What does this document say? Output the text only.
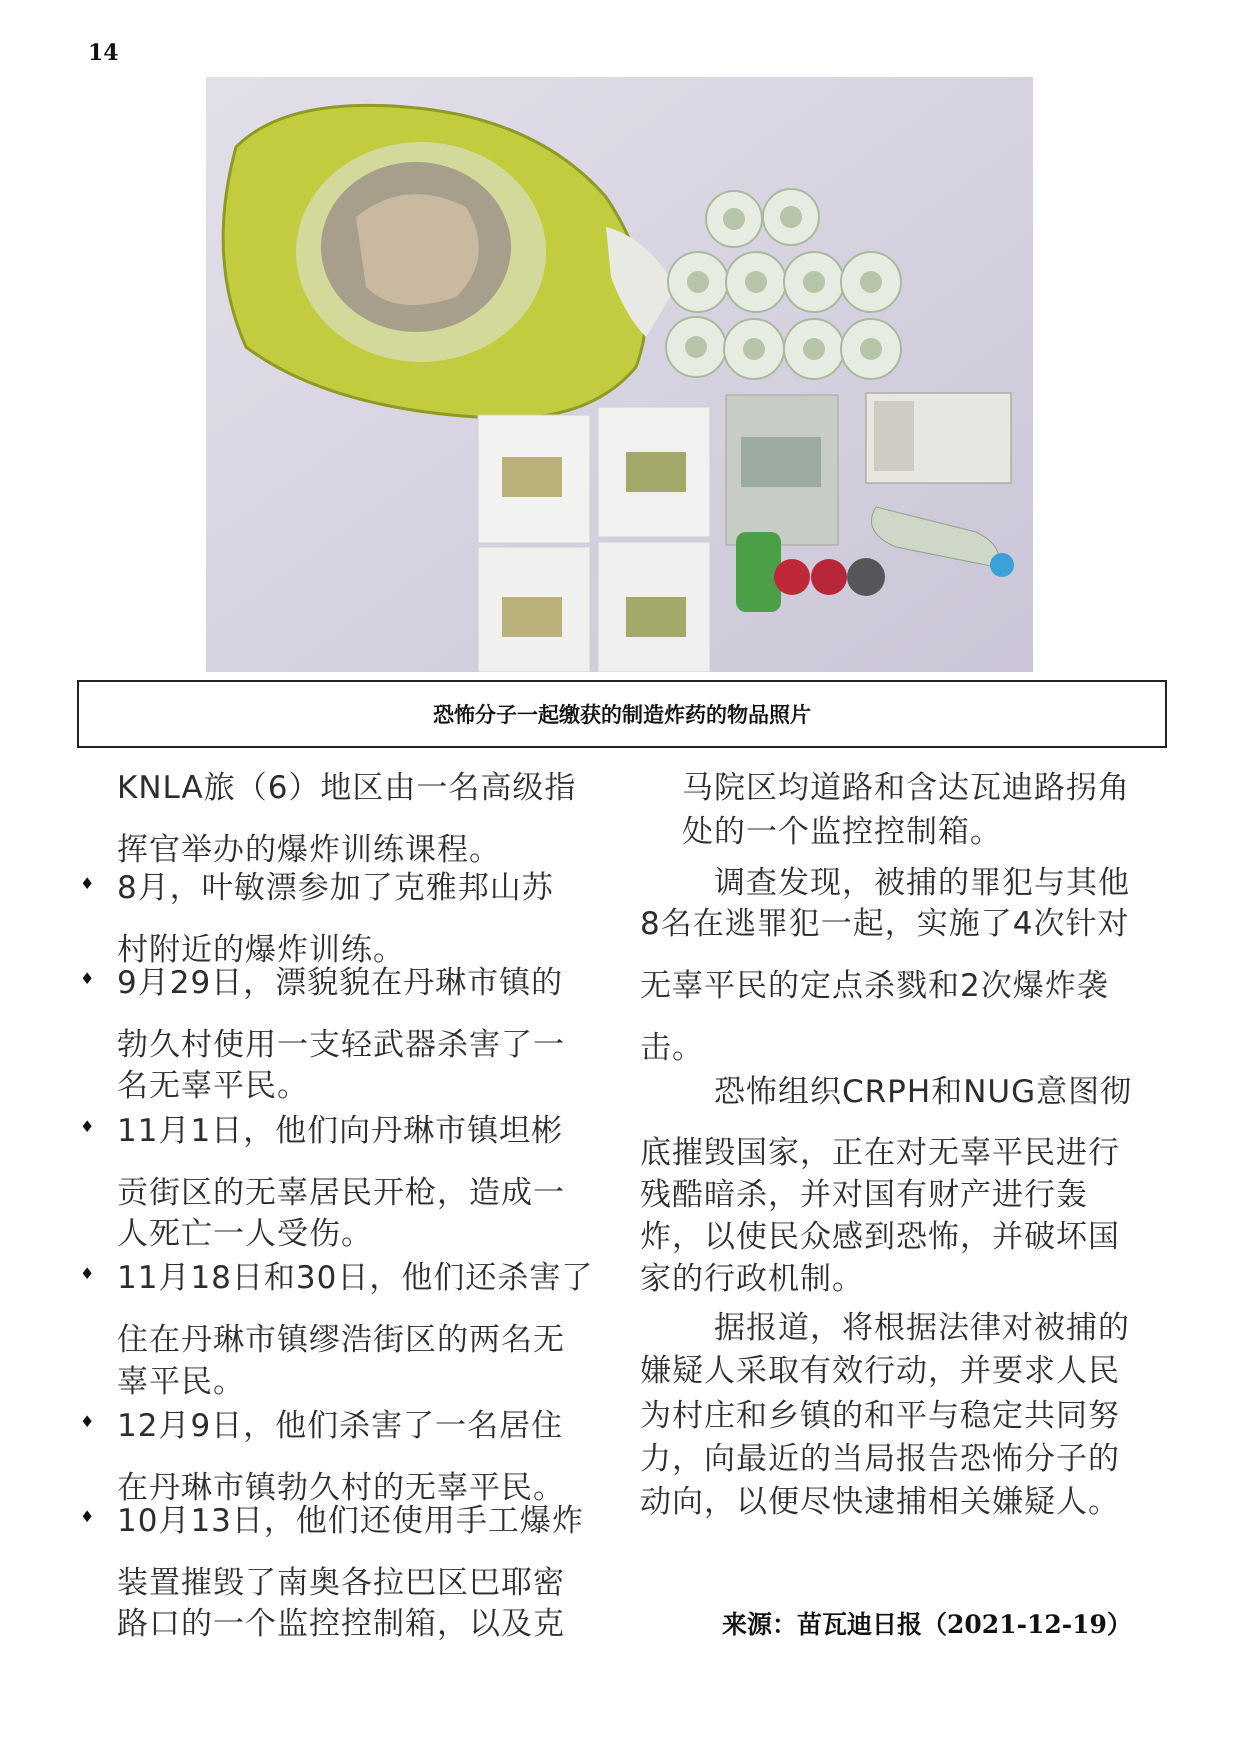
14
恐怖分子一起缴获的制造炸药的物品照片
KNLA旅（6）地区由一名高级指
挥官举办的爆炸训练课程。
♦ 8月，叶敏漂参加了克雅邦山苏
村附近的爆炸训练。
♦ 9月29日，漂貌貌在丹琳市镇的
勃久村使用一支轻武器杀害了一
名无辜平民。
♦ 11月1日，他们向丹琳市镇坦彬
贡街区的无辜居民开枪，造成一
人死亡一人受伤。
♦ 11月18日和30日，他们还杀害了
住在丹琳市镇缪浩街区的两名无
辜平民。
♦ 12月9日，他们杀害了一名居住
在丹琳市镇勃久村的无辜平民。
♦ 10月13日，他们还使用手工爆炸
装置摧毁了南奥各拉巴区巴耶密
路口的一个监控控制箱，以及克
马院区均道路和含达瓦迪路拐角
处的一个监控控制箱。
调查发现，被捕的罪犯与其他
8名在逃罪犯一起，实施了4次针对
无辜平民的定点杀戮和2次爆炸袭
击。
恐怖组织CRPH和NUG意图彻
底摧毁国家，正在对无辜平民进行
残酷暗杀，并对国有财产进行轰
炸，以使民众感到恐怖，并破坏国
家的行政机制。
据报道，将根据法律对被捕的
嫌疑人采取有效行动，并要求人民
为村庄和乡镇的和平与稳定共同努
力，向最近的当局报告恐怖分子的
动向，以便尽快逮捕相关嫌疑人。
来源：苗瓦迪日报（2021-12-19）
